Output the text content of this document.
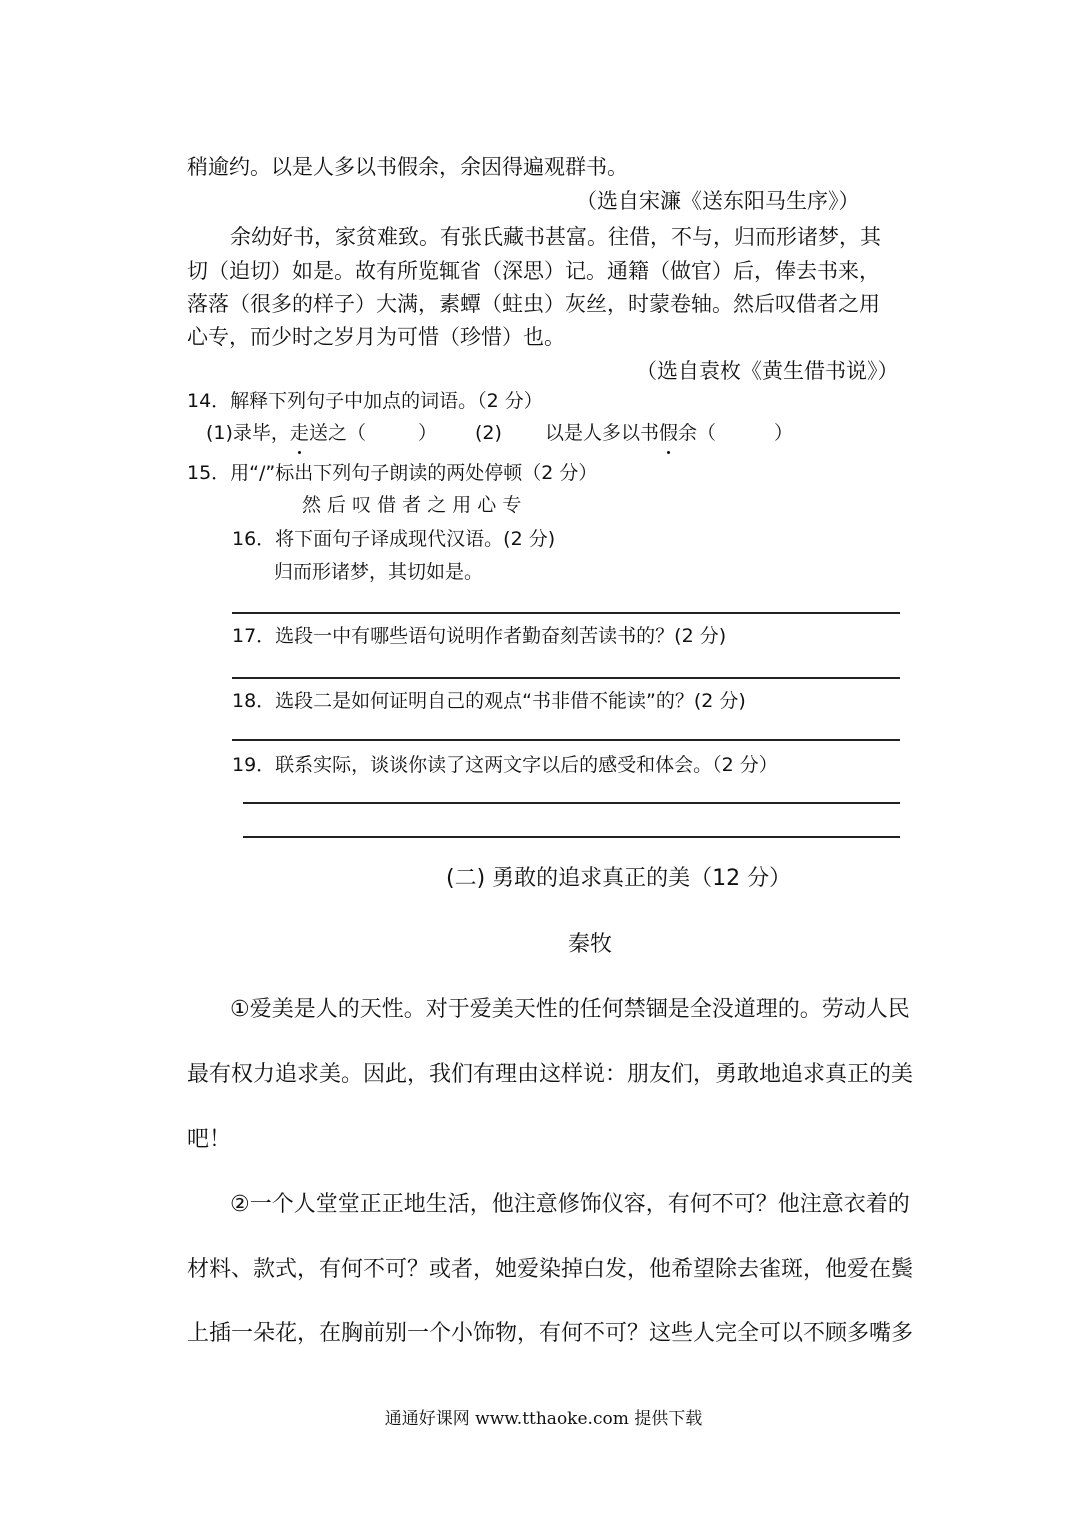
稍逾约。以是人多以书假余，余因得遍观群书。
（选自宋濂《送东阳马生序》）
余幼好书，家贫难致。有张氏藏书甚富。往借，不与，归而形诸梦，其
切（迫切）如是。故有所览辄省（深思）记。通籍（做官）后，俸去书来，
落落（很多的样子）大满，素蟫（蛀虫）灰丝，时蒙卷轴。然后叹借者之用
心专，而少时之岁月为可惜（珍惜）也。
（选自袁枚《黄生借书说》）
14．解释下列句子中加点的词语。（2 分）
(1)录毕，走送之（	） (2) 以是人多以书假余（	）
15．用“/”标出下列句子朗读的两处停顿（2 分）
然 后 叹 借 者 之 用 心 专
16．将下面句子译成现代汉语。(2 分)
归而形诸梦，其切如是。
17．选段一中有哪些语句说明作者勤奋刻苦读书的？(2 分)
18．选段二是如何证明自己的观点“书非借不能读”的？(2 分)
19．联系实际，谈谈你读了这两文字以后的感受和体会。（2 分）
(二) 勇敢的追求真正的美（12 分）
秦牧
①爱美是人的天性。对于爱美天性的任何禁锢是全没道理的。劳动人民
最有权力追求美。因此，我们有理由这样说：朋友们，勇敢地追求真正的美
吧！
②一个人堂堂正正地生活，他注意修饰仪容，有何不可？他注意衣着的
材料、款式，有何不可？或者，她爱染掉白发，他希望除去雀斑，他爱在鬓
上插一朵花，在胸前别一个小饰物，有何不可？这些人完全可以不顾多嘴多
通通好课网 www.tthaoke.com 提供下载
